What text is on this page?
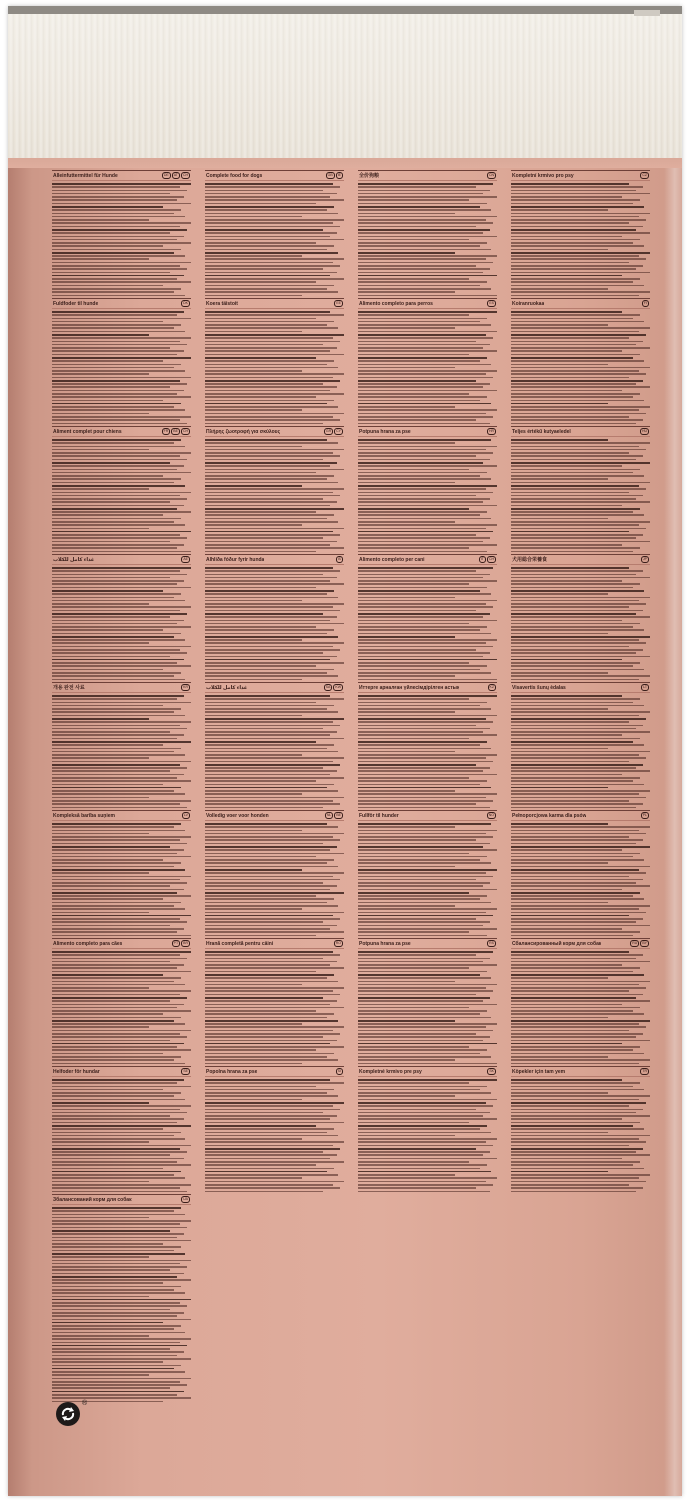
Alleinfuttermittel für Hunde	DE	AT	CH	Complete food for dogs	GB	IE	全价狗粮	CN	Kompletní krmivo pro psy	CZ
Fuldfoder til hunde	DK	Koera täistoit	EE	Alimento completo para perros	ES	Koiranruokaa	FI
Aliment complet pour chiens	FR	BE	CH	Πλήρης ζωοτροφή για σκύλους	GR	CY	Potpuna hrana za pse	HR	Teljes értékű kutyaeledel	HU
غذاء كامل للكلاب	AE	Alhliða fóður fyrir hunda	IS	Alimento completo per cani	IT	CH	犬用総合栄養食	JP
개용 완전 사료	KR	غذاء كامل للكلاب	SA	KW	Иттерге арналған үйлесімдірілген астық	KZ	Visavertis šunų ėdalas	LT
Kompleksā barība suņiem	LV	Volledig voer voor honden	NL	BE	Fullfôr til hunder	NO	Pełnoporcjowa karma dla psów	PL
Alimento completo para cães	PT	BR	Hrană completă pentru câini	RO	Potpuna hrana za pse	RS	Сбалансированный корм для собак	RU	BY
Helfoder för hundar	SE	Popolna hrana za pse	SI	Kompletné krmivo pre psy	SK	Köpekler için tam yem	TR
Збалансований корм для собак	UA
®
